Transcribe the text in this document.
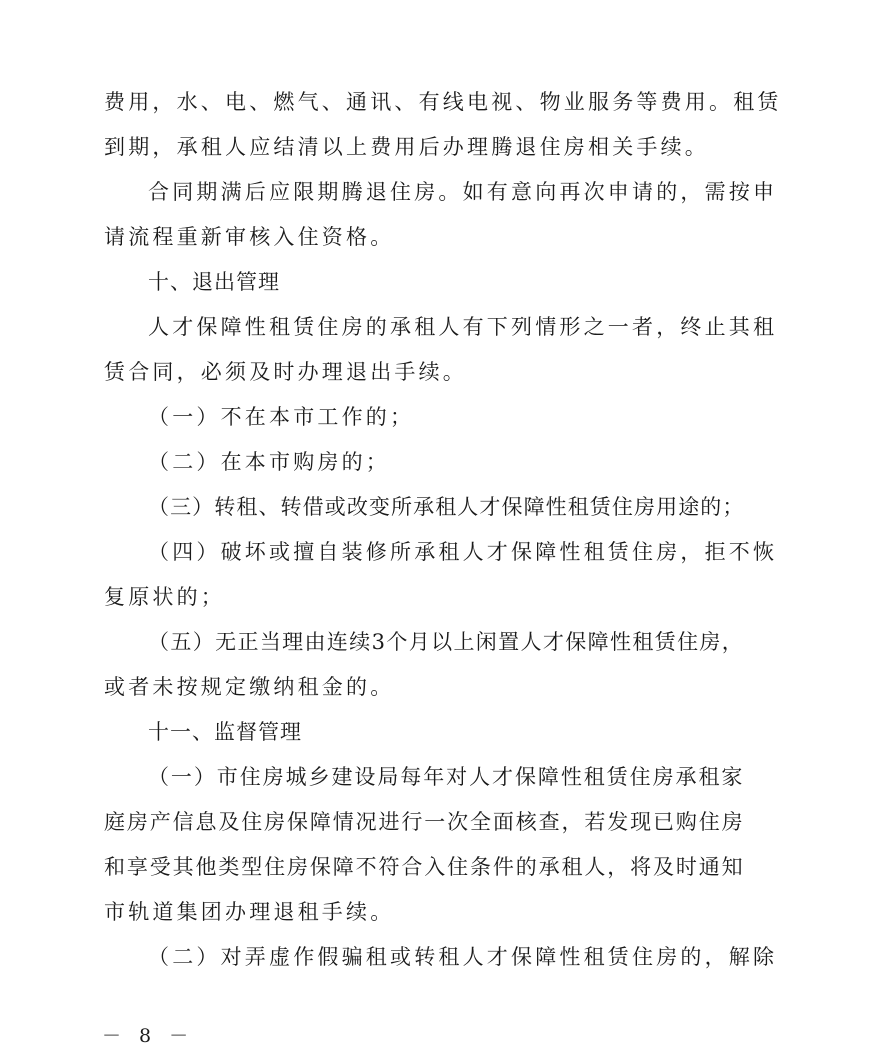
费用，水、电、燃气、通讯、有线电视、物业服务等费用。租赁
到期，承租人应结清以上费用后办理腾退住房相关手续。
合同期满后应限期腾退住房。如有意向再次申请的，需按申
请流程重新审核入住资格。
十、退出管理
人才保障性租赁住房的承租人有下列情形之一者，终止其租
赁合同，必须及时办理退出手续。
（一）不在本市工作的；
（二）在本市购房的；
（三）转租、转借或改变所承租人才保障性租赁住房用途的；
（四）破坏或擅自装修所承租人才保障性租赁住房，拒不恢
复原状的；
（五）无正当理由连续3个月以上闲置人才保障性租赁住房，
或者未按规定缴纳租金的。
十一、监督管理
（一）市住房城乡建设局每年对人才保障性租赁住房承租家
庭房产信息及住房保障情况进行一次全面核查，若发现已购住房
和享受其他类型住房保障不符合入住条件的承租人，将及时通知
市轨道集团办理退租手续。
（二）对弄虚作假骗租或转租人才保障性租赁住房的，解除
－ 8 －
